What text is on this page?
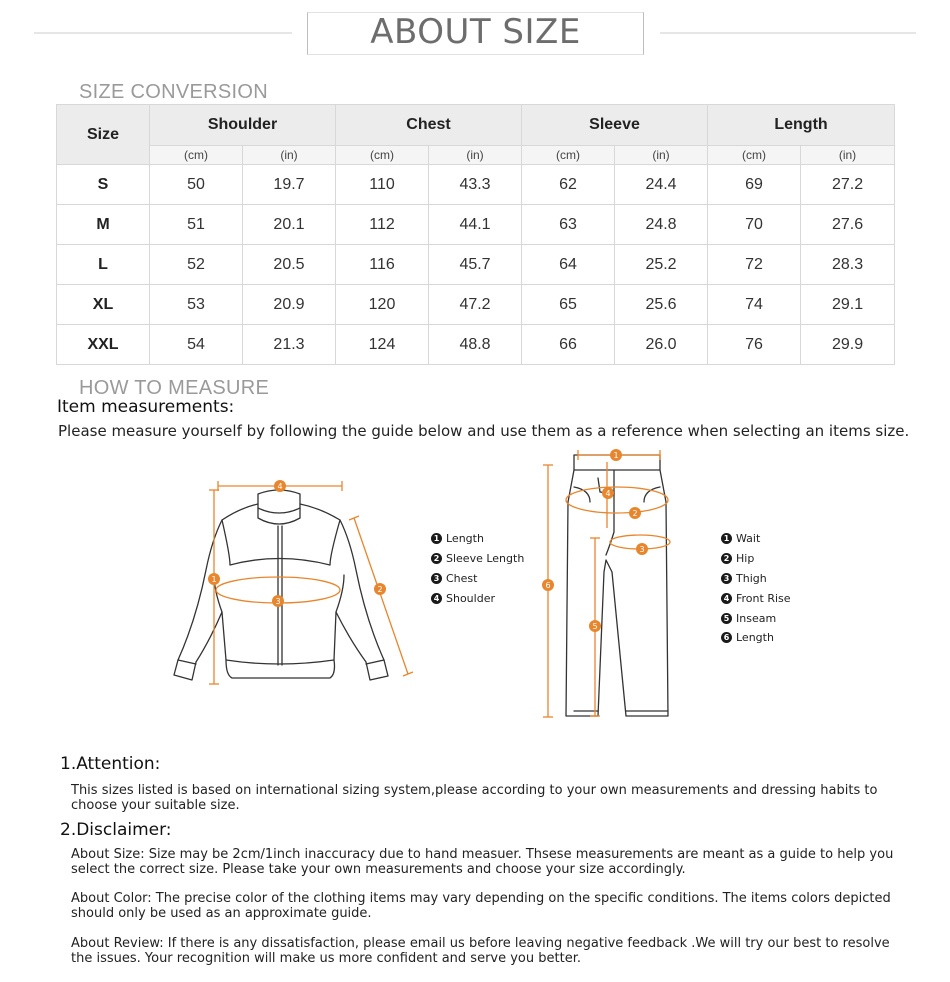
ABOUT SIZE
SIZE CONVERSION
Size	Shoulder		Chest		Sleeve		Length	
	(cm)	(in)	(cm)	(in)	(cm)	(in)	(cm)	(in)
S	50	19.7	110	43.3	62	24.4	69	27.2
M	51	20.1	112	44.1	63	24.8	70	27.6
L	52	20.5	116	45.7	64	25.2	72	28.3
XL	53	20.9	120	47.2	65	25.6	74	29.1
XXL	54	21.3	124	48.8	66	26.0	76	29.9
HOW TO MEASURE
Item measurements:
Please measure yourself by following the guide below and use them as a reference when selecting an items size.
4
1
3
2
1
4
2
3
6
5
1 Length
2 Sleeve Length
3 Chest
4 Shoulder
1 Wait
2 Hip
3 Thigh
4 Front Rise
5 Inseam
6 Length
1.Attention:
This sizes listed is based on international sizing system,please according to your own measurements and dressing habits to choose your suitable size.
2.Disclaimer:
About Size: Size may be 2cm/1inch inaccuracy due to hand measuer. Thsese measurements are meant as a guide to help you select the correct size. Please take your own measurements and choose your size accordingly.
About Color: The precise color of the clothing items may vary depending on the specific conditions. The items colors depicted should only be used as an approximate guide.
About Review: If there is any dissatisfaction, please email us before leaving negative feedback .We will try our best to resolve the issues. Your recognition will make us more confident and serve you better.
